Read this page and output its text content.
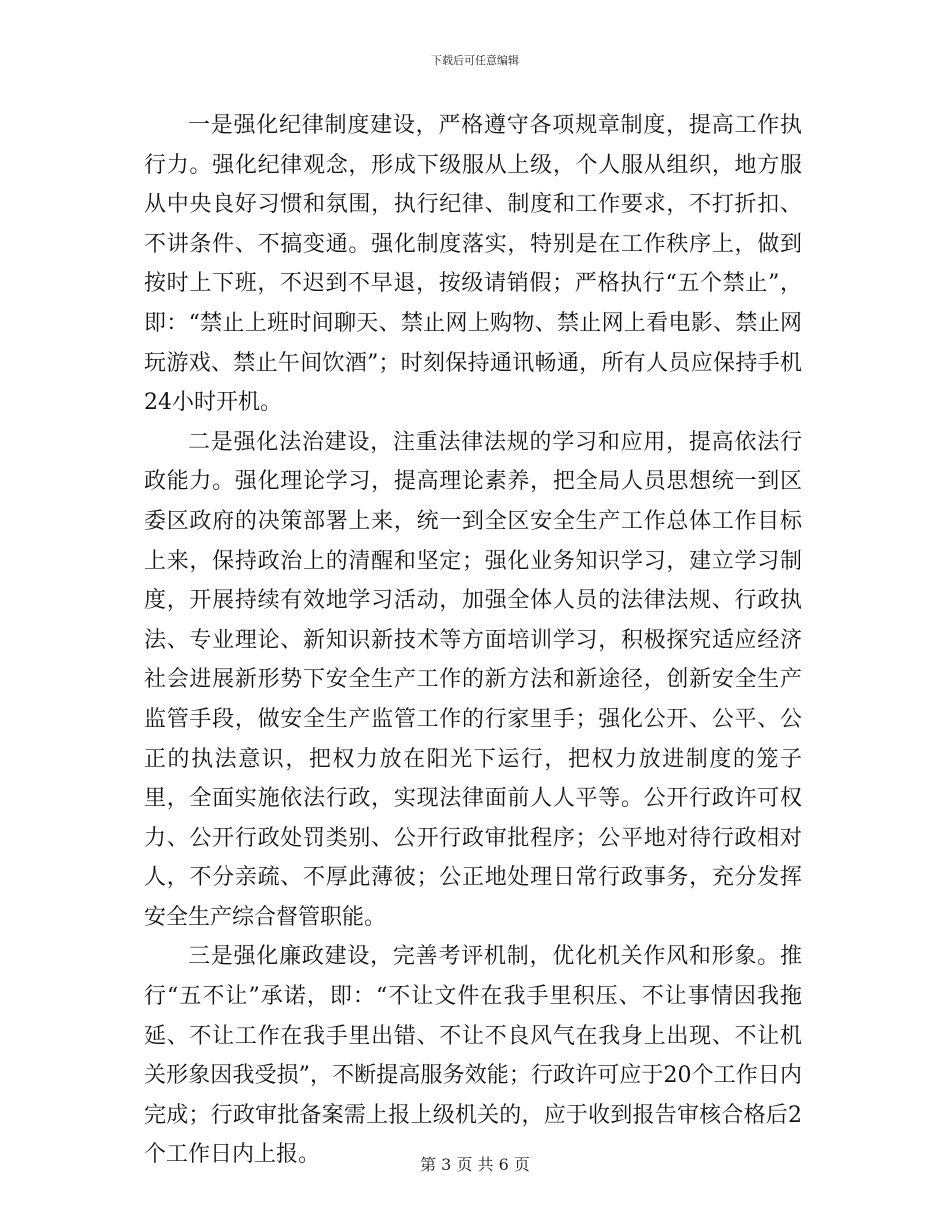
下载后可任意编辑

一是强化纪律制度建设，严格遵守各项规章制度，提高工作执行力。强化纪律观念，形成下级服从上级，个人服从组织，地方服从中央良好习惯和氛围，执行纪律、制度和工作要求，不打折扣、不讲条件、不搞变通。强化制度落实，特别是在工作秩序上，做到按时上下班，不迟到不早退，按级请销假；严格执行“五个禁止”，即：“禁止上班时间聊天、禁止网上购物、禁止网上看电影、禁止网玩游戏、禁止午间饮酒”；时刻保持通讯畅通，所有人员应保持手机24小时开机。

二是强化法治建设，注重法律法规的学习和应用，提高依法行政能力。强化理论学习，提高理论素养，把全局人员思想统一到区委区政府的决策部署上来，统一到全区安全生产工作总体工作目标上来，保持政治上的清醒和坚定；强化业务知识学习，建立学习制度，开展持续有效地学习活动，加强全体人员的法律法规、行政执法、专业理论、新知识新技术等方面培训学习，积极探究适应经济社会进展新形势下安全生产工作的新方法和新途径，创新安全生产监管手段，做安全生产监管工作的行家里手；强化公开、公平、公正的执法意识，把权力放在阳光下运行，把权力放进制度的笼子里，全面实施依法行政，实现法律面前人人平等。公开行政许可权力、公开行政处罚类别、公开行政审批程序；公平地对待行政相对人，不分亲疏、不厚此薄彼；公正地处理日常行政事务，充分发挥安全生产综合督管职能。

三是强化廉政建设，完善考评机制，优化机关作风和形象。推行“五不让”承诺，即：“不让文件在我手里积压、不让事情因我拖延、不让工作在我手里出错、不让不良风气在我身上出现、不让机关形象因我受损”，不断提高服务效能；行政许可应于20个工作日内完成；行政审批备案需上报上级机关的，应于收到报告审核合格后2个工作日内上报。	第 3 页 共 6 页
